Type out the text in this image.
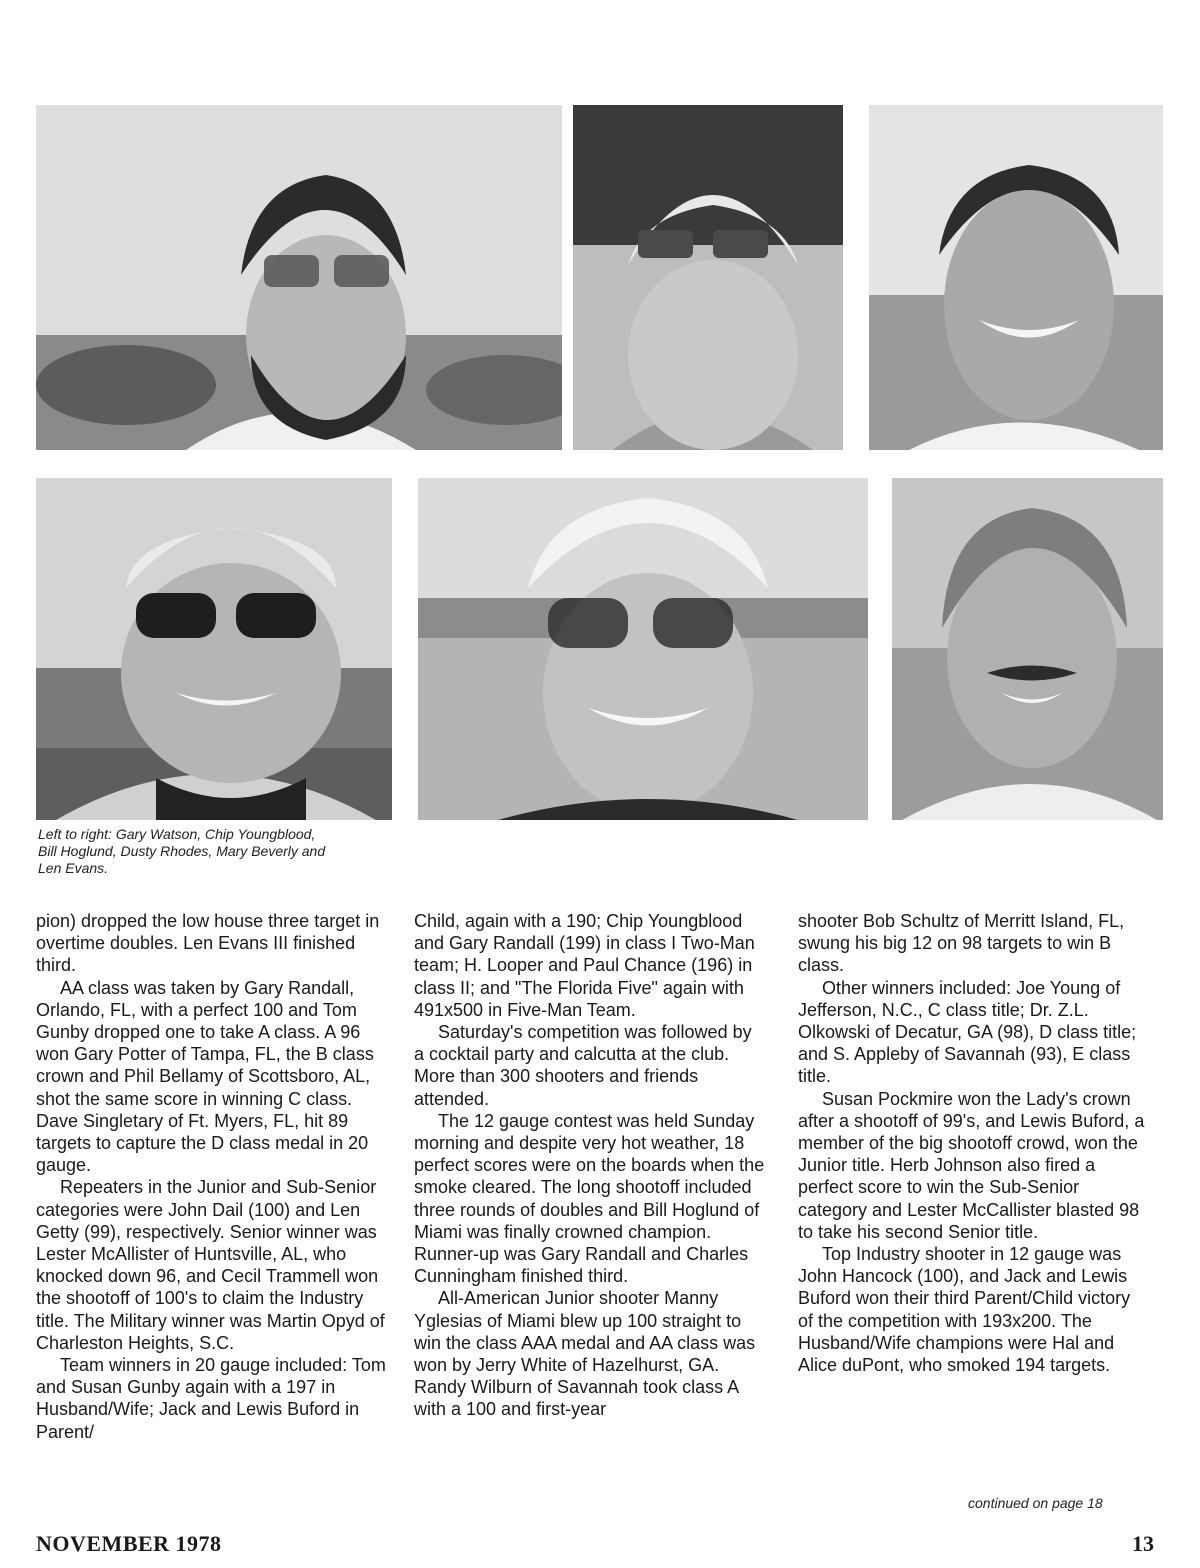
Left to right: Gary Watson, Chip Youngblood,
Bill Hoglund, Dusty Rhodes, Mary Beverly and
Len Evans.

pion) dropped the low house three target in overtime doubles. Len Evans III finished third.

AA class was taken by Gary Randall, Orlando, FL, with a perfect 100 and Tom Gunby dropped one to take A class. A 96 won Gary Potter of Tampa, FL, the B class crown and Phil Bellamy of Scottsboro, AL, shot the same score in winning C class. Dave Singletary of Ft. Myers, FL, hit 89 targets to capture the D class medal in 20 gauge.

Repeaters in the Junior and Sub-Senior categories were John Dail (100) and Len Getty (99), respectively. Senior winner was Lester McAllister of Huntsville, AL, who knocked down 96, and Cecil Trammell won the shootoff of 100's to claim the Industry title. The Military winner was Martin Opyd of Charleston Heights, S.C.

Team winners in 20 gauge included: Tom and Susan Gunby again with a 197 in Husband/Wife; Jack and Lewis Buford in Parent/

Child, again with a 190; Chip Youngblood and Gary Randall (199) in class I Two-Man team; H. Looper and Paul Chance (196) in class II; and "The Florida Five" again with 491x500 in Five-Man Team.

Saturday's competition was followed by a cocktail party and calcutta at the club. More than 300 shooters and friends attended.

The 12 gauge contest was held Sunday morning and despite very hot weather, 18 perfect scores were on the boards when the smoke cleared. The long shootoff included three rounds of doubles and Bill Hoglund of Miami was finally crowned champion. Runner-up was Gary Randall and Charles Cunningham finished third.

All-American Junior shooter Manny Yglesias of Miami blew up 100 straight to win the class AAA medal and AA class was won by Jerry White of Hazelhurst, GA. Randy Wilburn of Savannah took class A with a 100 and first-year

shooter Bob Schultz of Merritt Island, FL, swung his big 12 on 98 targets to win B class.

Other winners included: Joe Young of Jefferson, N.C., C class title; Dr. Z.L. Olkowski of Decatur, GA (98), D class title; and S. Appleby of Savannah (93), E class title.

Susan Pockmire won the Lady's crown after a shootoff of 99's, and Lewis Buford, a member of the big shootoff crowd, won the Junior title. Herb Johnson also fired a perfect score to win the Sub-Senior category and Lester McCallister blasted 98 to take his second Senior title.

Top Industry shooter in 12 gauge was John Hancock (100), and Jack and Lewis Buford won their third Parent/Child victory of the competition with 193x200. The Husband/Wife champions were Hal and Alice duPont, who smoked 194 targets.

continued on page 18
NOVEMBER 1978	13
